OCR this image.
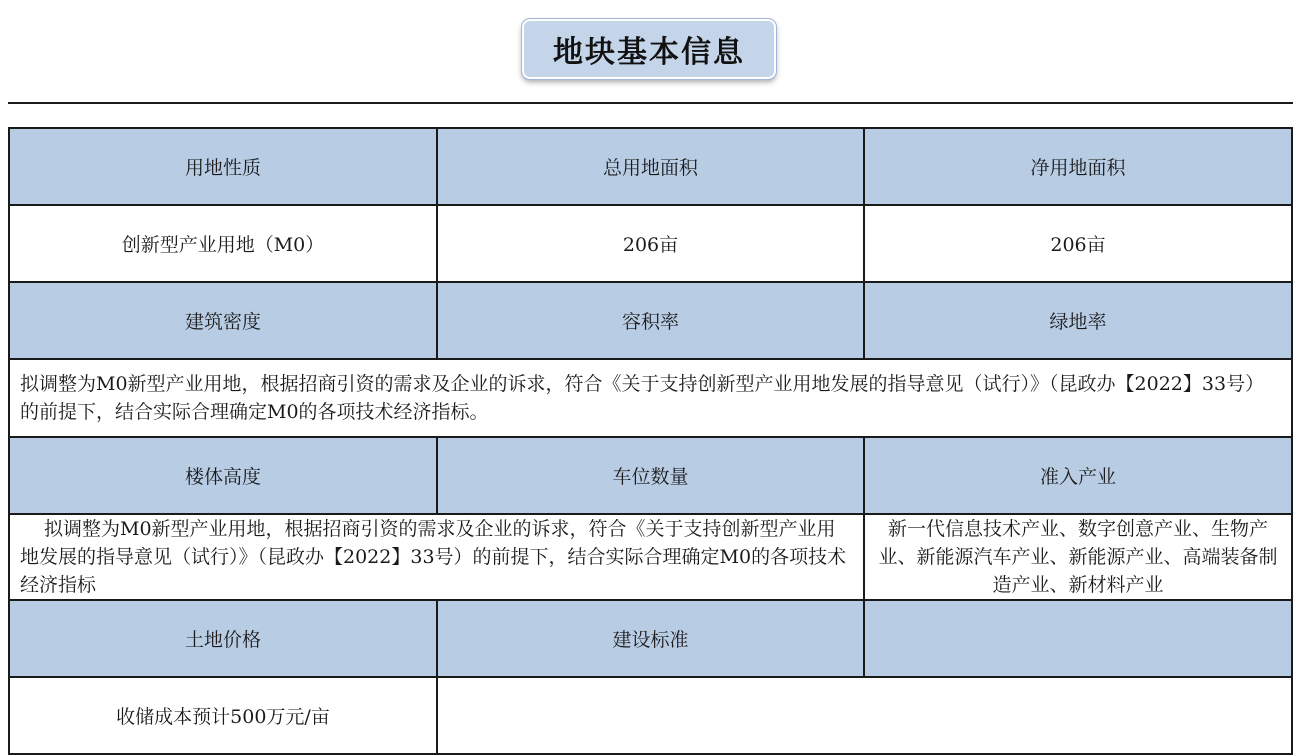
地块基本信息
用地性质	总用地面积	净用地面积
创新型产业用地（M0）	206亩	206亩
建筑密度	容积率	绿地率
拟调整为M0新型产业用地，根据招商引资的需求及企业的诉求，符合《关于支持创新型产业用地发展的指导意见（试行）》（昆政办【2022】33号）的前提下，结合实际合理确定M0的各项技术经济指标。		
楼体高度	车位数量	准入产业
拟调整为M0新型产业用地，根据招商引资的需求及企业的诉求，符合《关于支持创新型产业用地发展的指导意见（试行）》（昆政办【2022】33号）的前提下，结合实际合理确定M0的各项技术经济指标		新一代信息技术产业、数字创意产业、生物产业、新能源汽车产业、新能源产业、高端装备制造产业、新材料产业
土地价格	建设标准	
收储成本预计500万元/亩		
